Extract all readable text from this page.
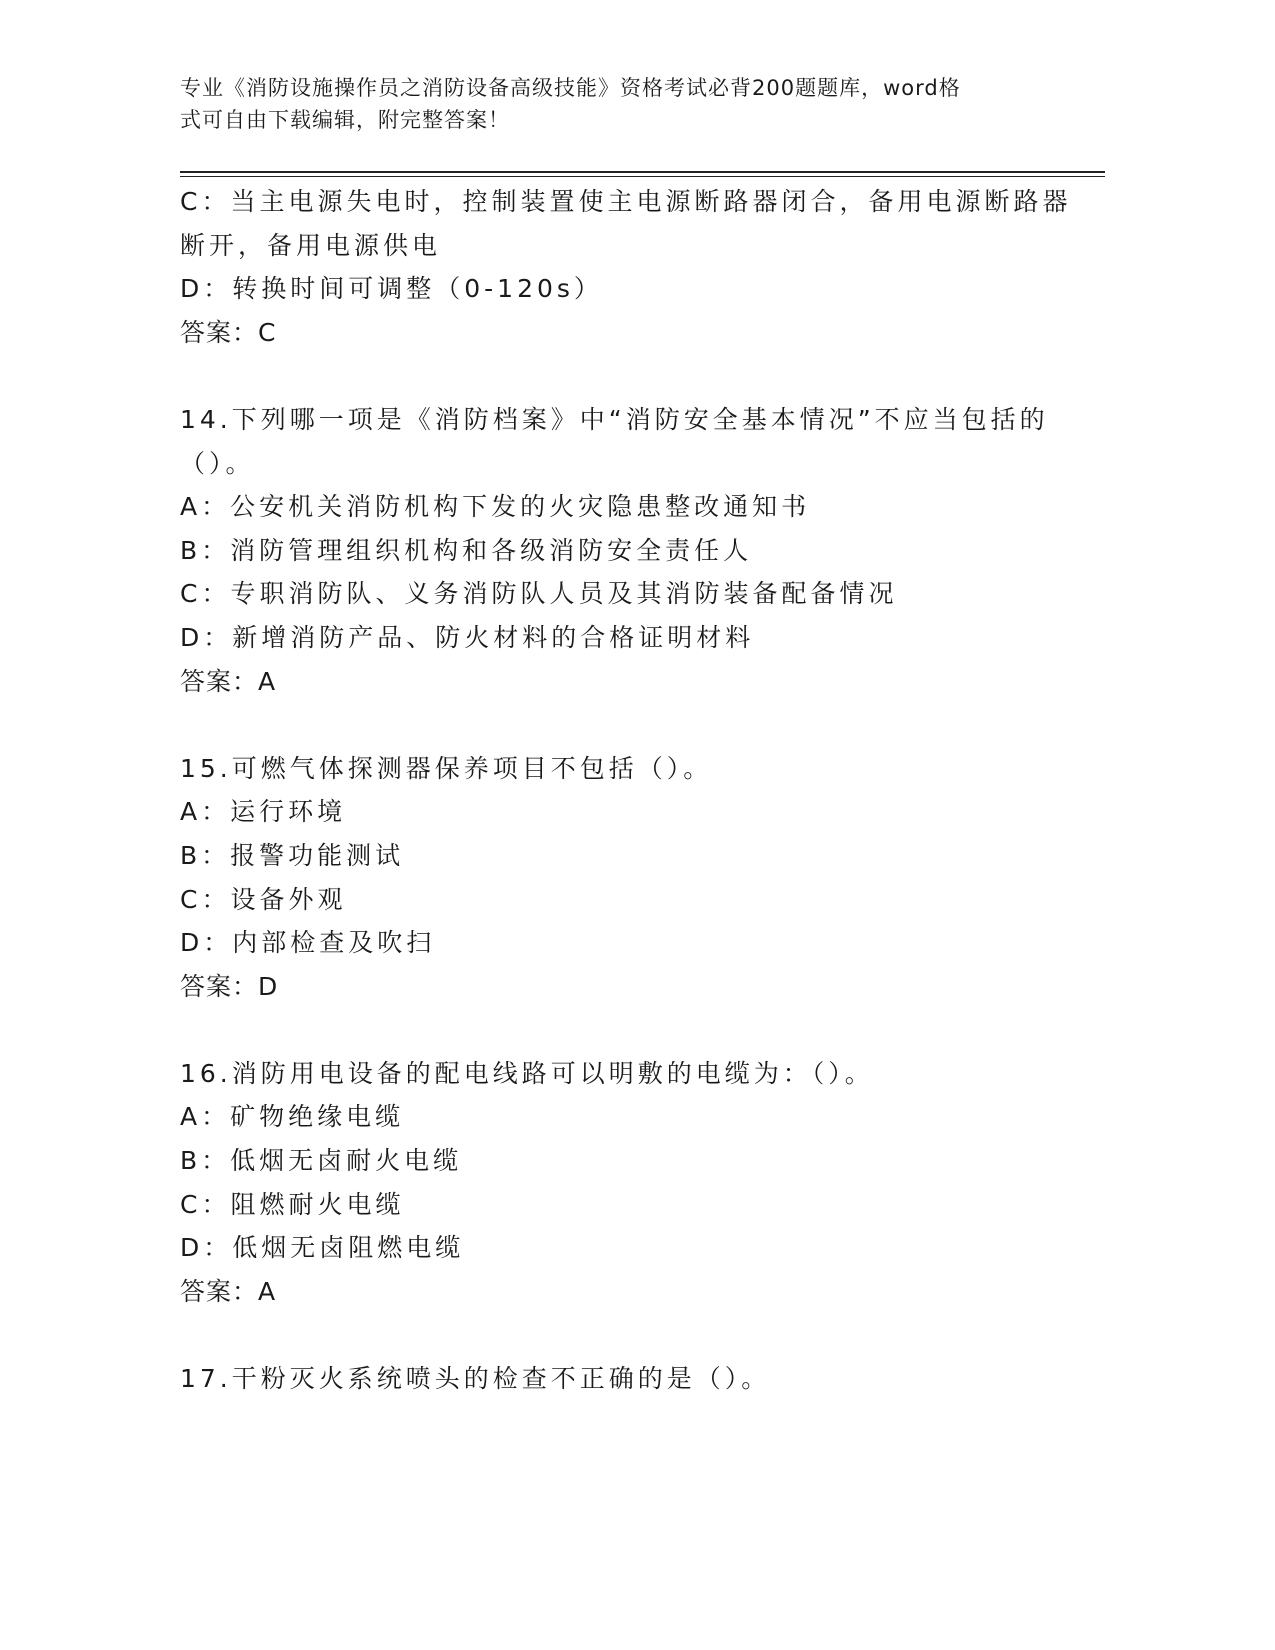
专业《消防设施操作员之消防设备高级技能》资格考试必背200题题库，word格
式可自由下载编辑，附完整答案！
C：当主电源失电时，控制装置使主电源断路器闭合，备用电源断路器
断开，备用电源供电
D：转换时间可调整（0-120s）
答案：C
14.下列哪一项是《消防档案》中“消防安全基本情况”不应当包括的
（）。
A：公安机关消防机构下发的火灾隐患整改通知书
B：消防管理组织机构和各级消防安全责任人
C：专职消防队、义务消防队人员及其消防装备配备情况
D：新增消防产品、防火材料的合格证明材料
答案：A
15.可燃气体探测器保养项目不包括（）。
A：运行环境
B：报警功能测试
C：设备外观
D：内部检查及吹扫
答案：D
16.消防用电设备的配电线路可以明敷的电缆为：（）。
A：矿物绝缘电缆
B：低烟无卤耐火电缆
C：阻燃耐火电缆
D：低烟无卤阻燃电缆
答案：A
17.干粉灭火系统喷头的检查不正确的是（）。
